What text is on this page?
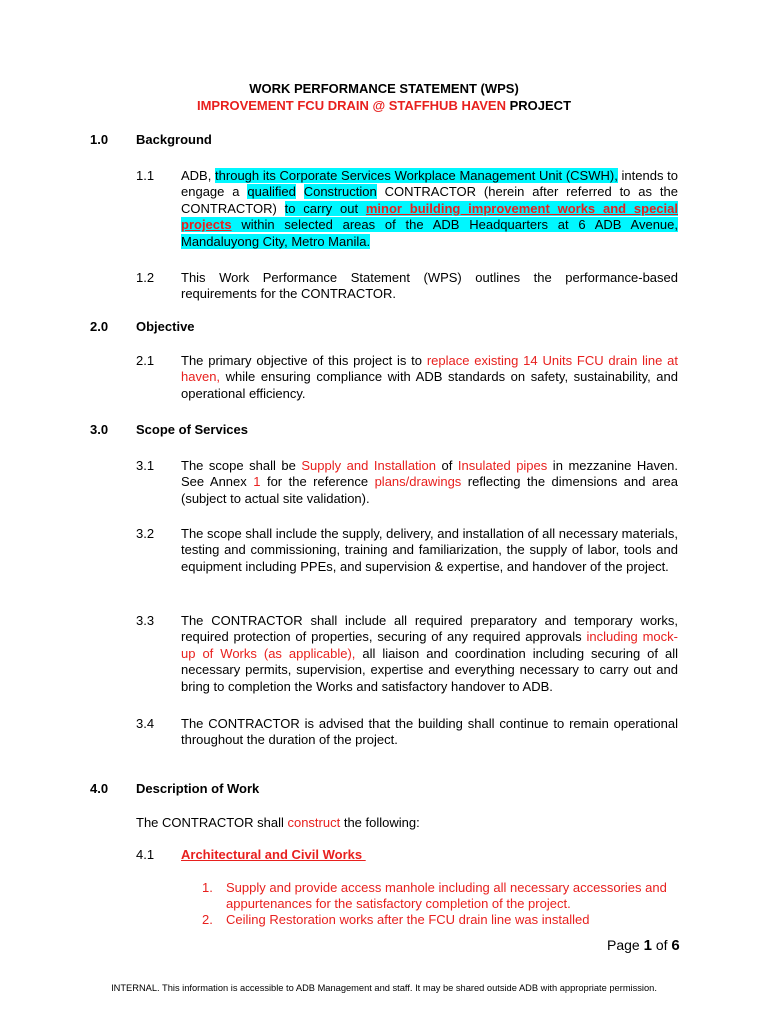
WORK PERFORMANCE STATEMENT (WPS)
IMPROVEMENT FCU DRAIN @ STAFFHUB HAVEN PROJECT
1.0 Background
1.1 ADB, through its Corporate Services Workplace Management Unit (CSWH), intends to engage a qualified Construction CONTRACTOR (herein after referred to as the CONTRACTOR) to carry out minor building improvement works and special projects within selected areas of the ADB Headquarters at 6 ADB Avenue, Mandaluyong City, Metro Manila.
1.2 This Work Performance Statement (WPS) outlines the performance-based requirements for the CONTRACTOR.
2.0 Objective
2.1 The primary objective of this project is to replace existing 14 Units FCU drain line at haven, while ensuring compliance with ADB standards on safety, sustainability, and operational efficiency.
3.0 Scope of Services
3.1 The scope shall be Supply and Installation of Insulated pipes in mezzanine Haven. See Annex 1 for the reference plans/drawings reflecting the dimensions and area (subject to actual site validation).
3.2 The scope shall include the supply, delivery, and installation of all necessary materials, testing and commissioning, training and familiarization, the supply of labor, tools and equipment including PPEs, and supervision & expertise, and handover of the project.
3.3 The CONTRACTOR shall include all required preparatory and temporary works, required protection of properties, securing of any required approvals including mock-up of Works (as applicable), all liaison and coordination including securing of all necessary permits, supervision, expertise and everything necessary to carry out and bring to completion the Works and satisfactory handover to ADB.
3.4 The CONTRACTOR is advised that the building shall continue to remain operational throughout the duration of the project.
4.0 Description of Work
The CONTRACTOR shall construct the following:
4.1 Architectural and Civil Works
1.	Supply and provide access manhole including all necessary accessories and appurtenances for the satisfactory completion of the project.
2.	Ceiling Restoration works after the FCU drain line was installed
Page 1 of 6
INTERNAL. This information is accessible to ADB Management and staff. It may be shared outside ADB with appropriate permission.
